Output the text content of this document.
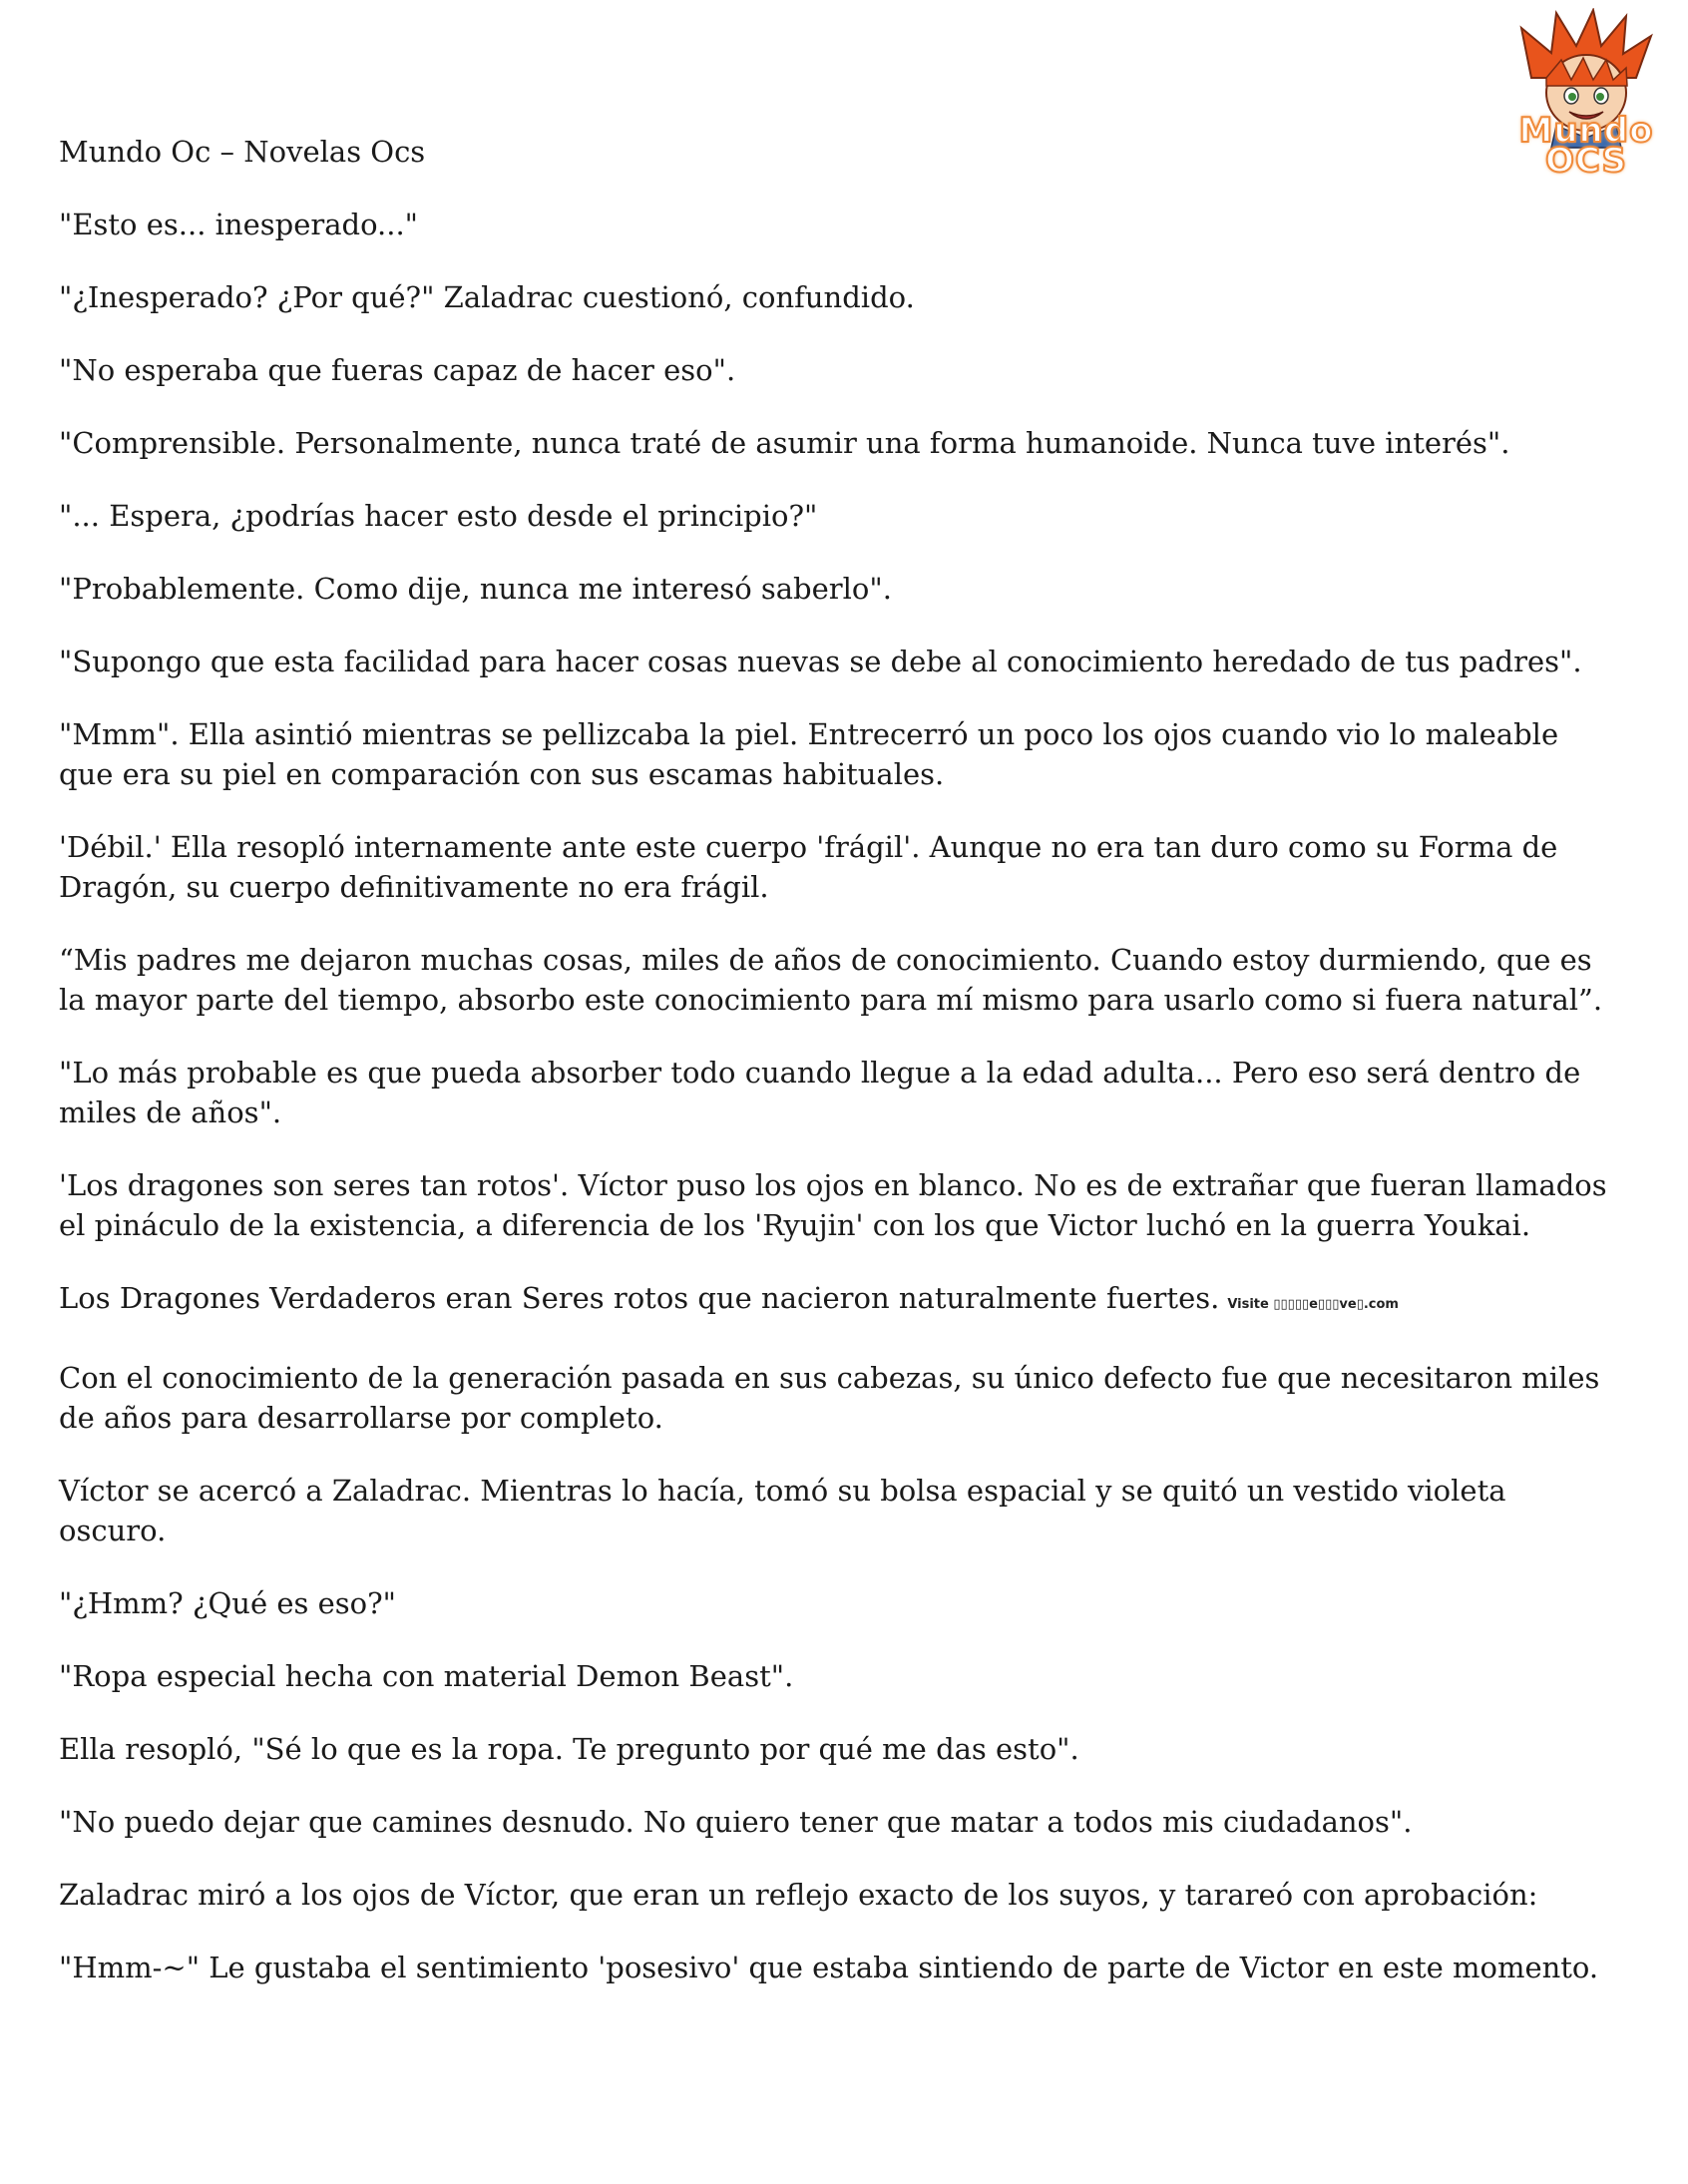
Mundo OCS
Mundo Oc – Novelas Ocs

"Esto es... inesperado..."

"¿Inesperado? ¿Por qué?" Zaladrac cuestionó, confundido.

"No esperaba que fueras capaz de hacer eso".

"Comprensible. Personalmente, nunca traté de asumir una forma humanoide. Nunca tuve interés".

"... Espera, ¿podrías hacer esto desde el principio?"

"Probablemente. Como dije, nunca me interesó saberlo".

"Supongo que esta facilidad para hacer cosas nuevas se debe al conocimiento heredado de tus padres".

"Mmm". Ella asintió mientras se pellizcaba la piel. Entrecerró un poco los ojos cuando vio lo maleable que era su piel en comparación con sus escamas habituales.

'Débil.' Ella resopló internamente ante este cuerpo 'frágil'. Aunque no era tan duro como su Forma de Dragón, su cuerpo definitivamente no era frágil.

“Mis padres me dejaron muchas cosas, miles de años de conocimiento. Cuando estoy durmiendo, que es la mayor parte del tiempo, absorbo este conocimiento para mí mismo para usarlo como si fuera natural”.

"Lo más probable es que pueda absorber todo cuando llegue a la edad adulta... Pero eso será dentro de miles de años".

'Los dragones son seres tan rotos'. Víctor puso los ojos en blanco. No es de extrañar que fueran llamados el pináculo de la existencia, a diferencia de los 'Ryujin' con los que Victor luchó en la guerra Youkai.

Los Dragones Verdaderos eran Seres rotos que nacieron naturalmente fuertes. Visite ▯▯▯▯▯e▯▯▯ve▯.com

Con el conocimiento de la generación pasada en sus cabezas, su único defecto fue que necesitaron miles de años para desarrollarse por completo.

Víctor se acercó a Zaladrac. Mientras lo hacía, tomó su bolsa espacial y se quitó un vestido violeta oscuro.

"¿Hmm? ¿Qué es eso?"

"Ropa especial hecha con material Demon Beast".

Ella resopló, "Sé lo que es la ropa. Te pregunto por qué me das esto".

"No puedo dejar que camines desnudo. No quiero tener que matar a todos mis ciudadanos".

Zaladrac miró a los ojos de Víctor, que eran un reflejo exacto de los suyos, y tarareó con aprobación:

"Hmm-~" Le gustaba el sentimiento 'posesivo' que estaba sintiendo de parte de Victor en este momento.
